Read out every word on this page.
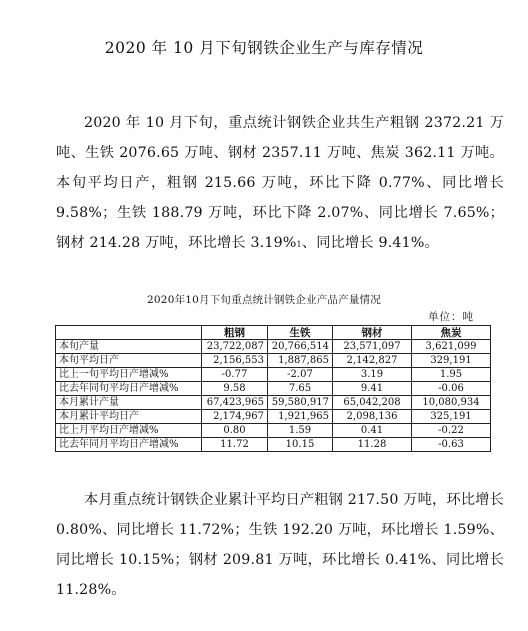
2020 年 10 月下旬钢铁企业生产与库存情况
2020 年 10 月下旬，重点统计钢铁企业共生产粗钢 2372.21 万吨、生铁 2076.65 万吨、钢材 2357.11 万吨、焦炭 362.11 万吨。本旬平均日产，粗钢 215.66 万吨，环比下降 0.77%、同比增长 9.58%；生铁 188.79 万吨，环比下降 2.07%、同比增长 7.65%；钢材 214.28 万吨，环比增长 3.19%$^1$、同比增长 9.41%。
2020年10月下旬重点统计钢铁企业产品产量情况
单位：吨
	粗钢	生铁	钢材	焦炭
本旬产量	23,722,087	20,766,514	23,571,097	3,621,099
本旬平均日产	2,156,553	1,887,865	2,142,827	329,191
比上一旬平均日产增减%	-0.77	-2.07	3.19	1.95
比去年同旬平均日产增减%	9.58	7.65	9.41	-0.06
本月累计产量	67,423,965	59,580,917	65,042,208	10,080,934
本月累计平均日产	2,174,967	1,921,965	2,098,136	325,191
比上月平均日产增减%	0.80	1.59	0.41	-0.22
比去年同月平均日产增减%	11.72	10.15	11.28	-0.63
本月重点统计钢铁企业累计平均日产粗钢 217.50 万吨，环比增长 0.80%、同比增长 11.72%；生铁 192.20 万吨，环比增长 1.59%、同比增长 10.15%；钢材 209.81 万吨，环比增长 0.41%、同比增长 11.28%。
